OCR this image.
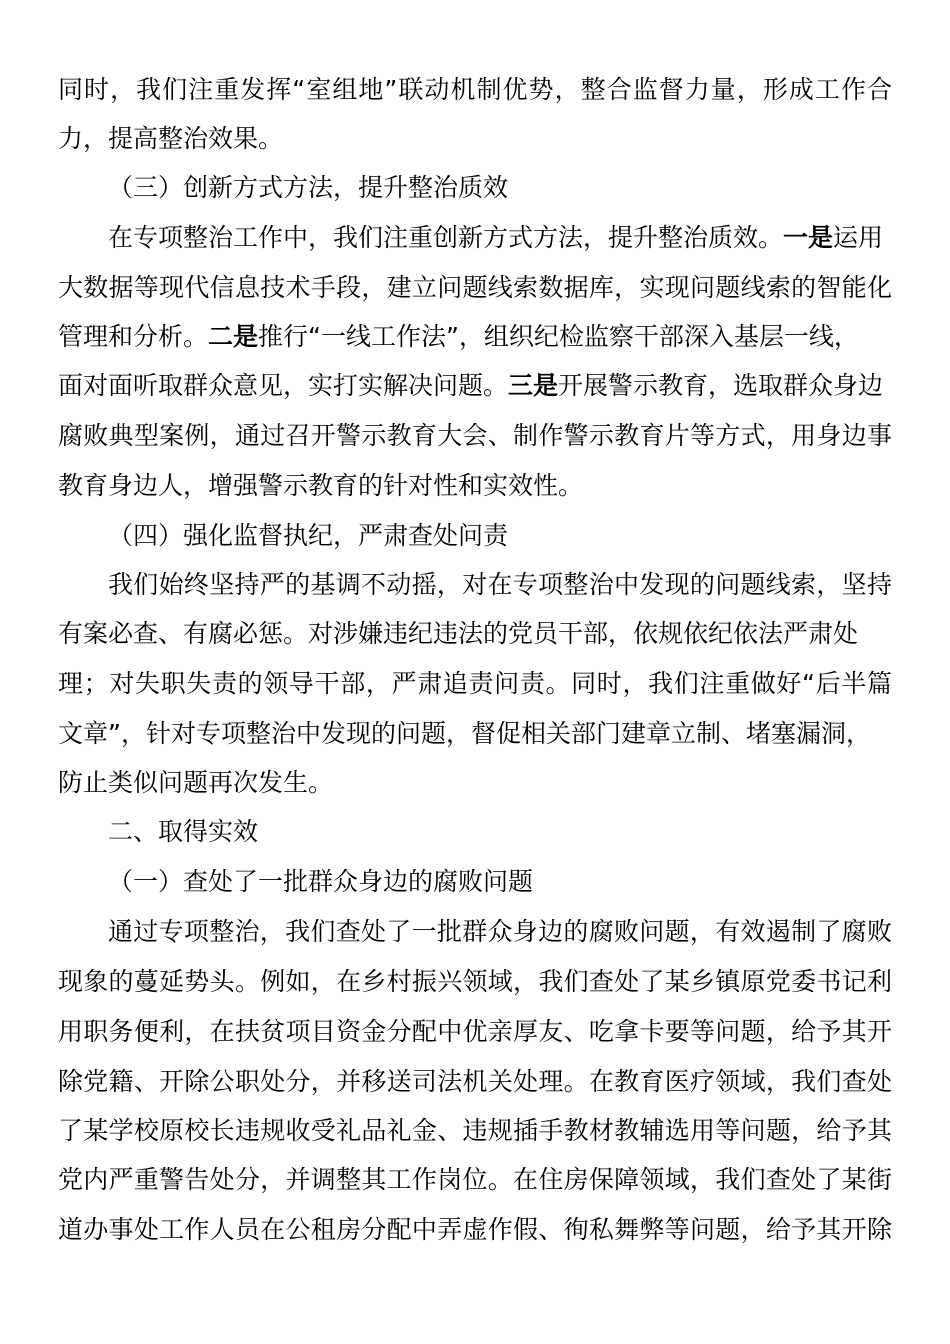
同时，我们注重发挥“室组地”联动机制优势，整合监督力量，形成工作合
力，提高整治效果。
（三）创新方式方法，提升整治质效
在专项整治工作中，我们注重创新方式方法，提升整治质效。一是运用
大数据等现代信息技术手段，建立问题线索数据库，实现问题线索的智能化
管理和分析。二是推行“一线工作法”，组织纪检监察干部深入基层一线，
面对面听取群众意见，实打实解决问题。三是开展警示教育，选取群众身边
腐败典型案例，通过召开警示教育大会、制作警示教育片等方式，用身边事
教育身边人，增强警示教育的针对性和实效性。
（四）强化监督执纪，严肃查处问责
我们始终坚持严的基调不动摇，对在专项整治中发现的问题线索，坚持
有案必查、有腐必惩。对涉嫌违纪违法的党员干部，依规依纪依法严肃处
理；对失职失责的领导干部，严肃追责问责。同时，我们注重做好“后半篇
文章”，针对专项整治中发现的问题，督促相关部门建章立制、堵塞漏洞，
防止类似问题再次发生。
二、取得实效
（一）查处了一批群众身边的腐败问题
通过专项整治，我们查处了一批群众身边的腐败问题，有效遏制了腐败
现象的蔓延势头。例如，在乡村振兴领域，我们查处了某乡镇原党委书记利
用职务便利，在扶贫项目资金分配中优亲厚友、吃拿卡要等问题，给予其开
除党籍、开除公职处分，并移送司法机关处理。在教育医疗领域，我们查处
了某学校原校长违规收受礼品礼金、违规插手教材教辅选用等问题，给予其
党内严重警告处分，并调整其工作岗位。在住房保障领域，我们查处了某街
道办事处工作人员在公租房分配中弄虚作假、徇私舞弊等问题，给予其开除
